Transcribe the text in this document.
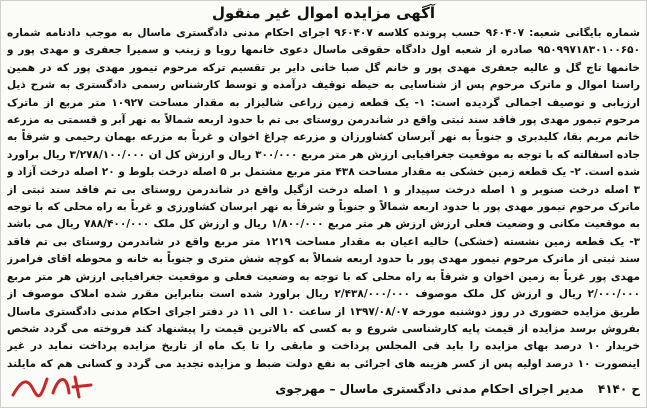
آگهی مزایده اموال غیر منقول
شماره بایگانی شعبه: ۹۶۰۴۰۷ حسب پرونده کلاسه ۹۶۰۴۰۷ اجرای احکام مدنی دادگستری ماسال به موجب دادنامه شماره ۹۵۰۹۹۷۱۸۳۰۱۰۰۶۵۰ صادره از شعبه اول دادگاه حقوقی ماسال دعوی خانمها رویا و زینب و سمیرا جعفری و مهدی پور و خانمها تاج گل و عالیه جعفری مهدی پور و خانم گل صبا خانی دایر بر تقسیم ترکه مرحوم تیمور مهدی پور که در همین راستا اموال و ماترک مرحوم پس از شناسایی به حیطه توقیف درآمده و توسط کارشناس رسمی دادگستری به شرح ذیل ارزیابی و توصیف اجمالی گردیده است: ۱- یک قطعه زمین زراعی شالیزار به مقدار مساحت ۱۰۹۲۷ متر مربع از ماترک مرحوم تیمور مهدی پور فاقد سند ثبتی واقع در شاندرمن روستای بی تم با حدود اربعه شمالاً به نهر آبر و قسمتی به مزرعه خانم مریم بقا، کلیدبری و جنوباً به نهر آبرسان کشاورزان و مزرعه چراغ اخوان و غرباً به مزرعه بهمان رحیمی و شرقاً به جاده اسفالته که با توجه به موقعیت جغرافیایی ارزش هر متر مربع ۳۰۰/۰۰۰ ریال و ارزش کل ان ۳/۲۷۸/۱۰۰/۰۰۰ ریال براورد شده است. ۲- یک قطعه زمین خشکی به مقدار مساحت ۴۳۸ متر مربع مشتمل بر ۵ اصله درخت بلوط و ۲۰ اصله درخت آزاد و ۳ اصله درخت صنوبر و ۱ اصله درخت سپیدار و ۱ اصله درخت ازگیل واقع در شاندرمن روستای بی تم فاقد سند ثبتی از ماترک مرحوم تیمور مهدی پور با حدود اربعه شمالاً و جنوباً و شرقاً به نهر ابرسان کشاورزی و غرباً به راه محلی که با توجه به موقعیت مکانی و وضعیت فعلی ارزش ارزش هر متر مربع ۱/۸۰۰/۰۰۰ ریال و ارزش کل ملک ۷۸۸/۴۰۰/۰۰۰ ریال می باشد ۳- یک قطعه زمین نشسته (خشکی) حالیه اعیان به مقدار مساحت ۱۲۱۹ متر مربع واقع در شاندرمن روستای بی تم فاقد سند ثبتی از ماترک مرحوم تیمور مهدی پور با حدود اربعه شمالاً به کوچه شش متری و جنوباً به خانه و محوطه اقای فرامرز مهدی پور غرباً به زمین اخوان و شرقاً به راه محلی که با توجه به وضعیت فعلی و موقعیت جغرافیایی ارزش هر متر مربع ۲/۰۰۰/۰۰۰ ریال و ارزش کل ملک موصوف ۲/۴۳۸/۰۰۰/۰۰۰ ریال براورد شده است بنابراین مقرر شده املاک موصوف از طریق مزایده حضوری در روز دوشنبه مورخه ۱۳۹۷/۰۸/۰۷ از ساعت ۱۰ الی ۱۱ در دفتر اجرای احکام مدنی دادگستری ماسال بفروش برسد مزایده از قیمت پایه کارشناسی شروع و به کسی که بالاترین قیمت را پیشنهاد کند فروخته می گردد شخص خریدار ۱۰ درصد بهای مزایده را باید فی المجلس پرداخت و مابقی را تا یک ماه از تاریخ مزایده پرداخت نماید در غیر اینصورت ۱۰ درصد اولیه پس از کسر هزینه های اجرائی به نفع دولت ضبط و مزایده تجدید می گردد و کسانی هم که مایلند
ح ۴۱۴۰
مدیر اجرای احکام مدنی دادگستری ماسال – مهرجوی
